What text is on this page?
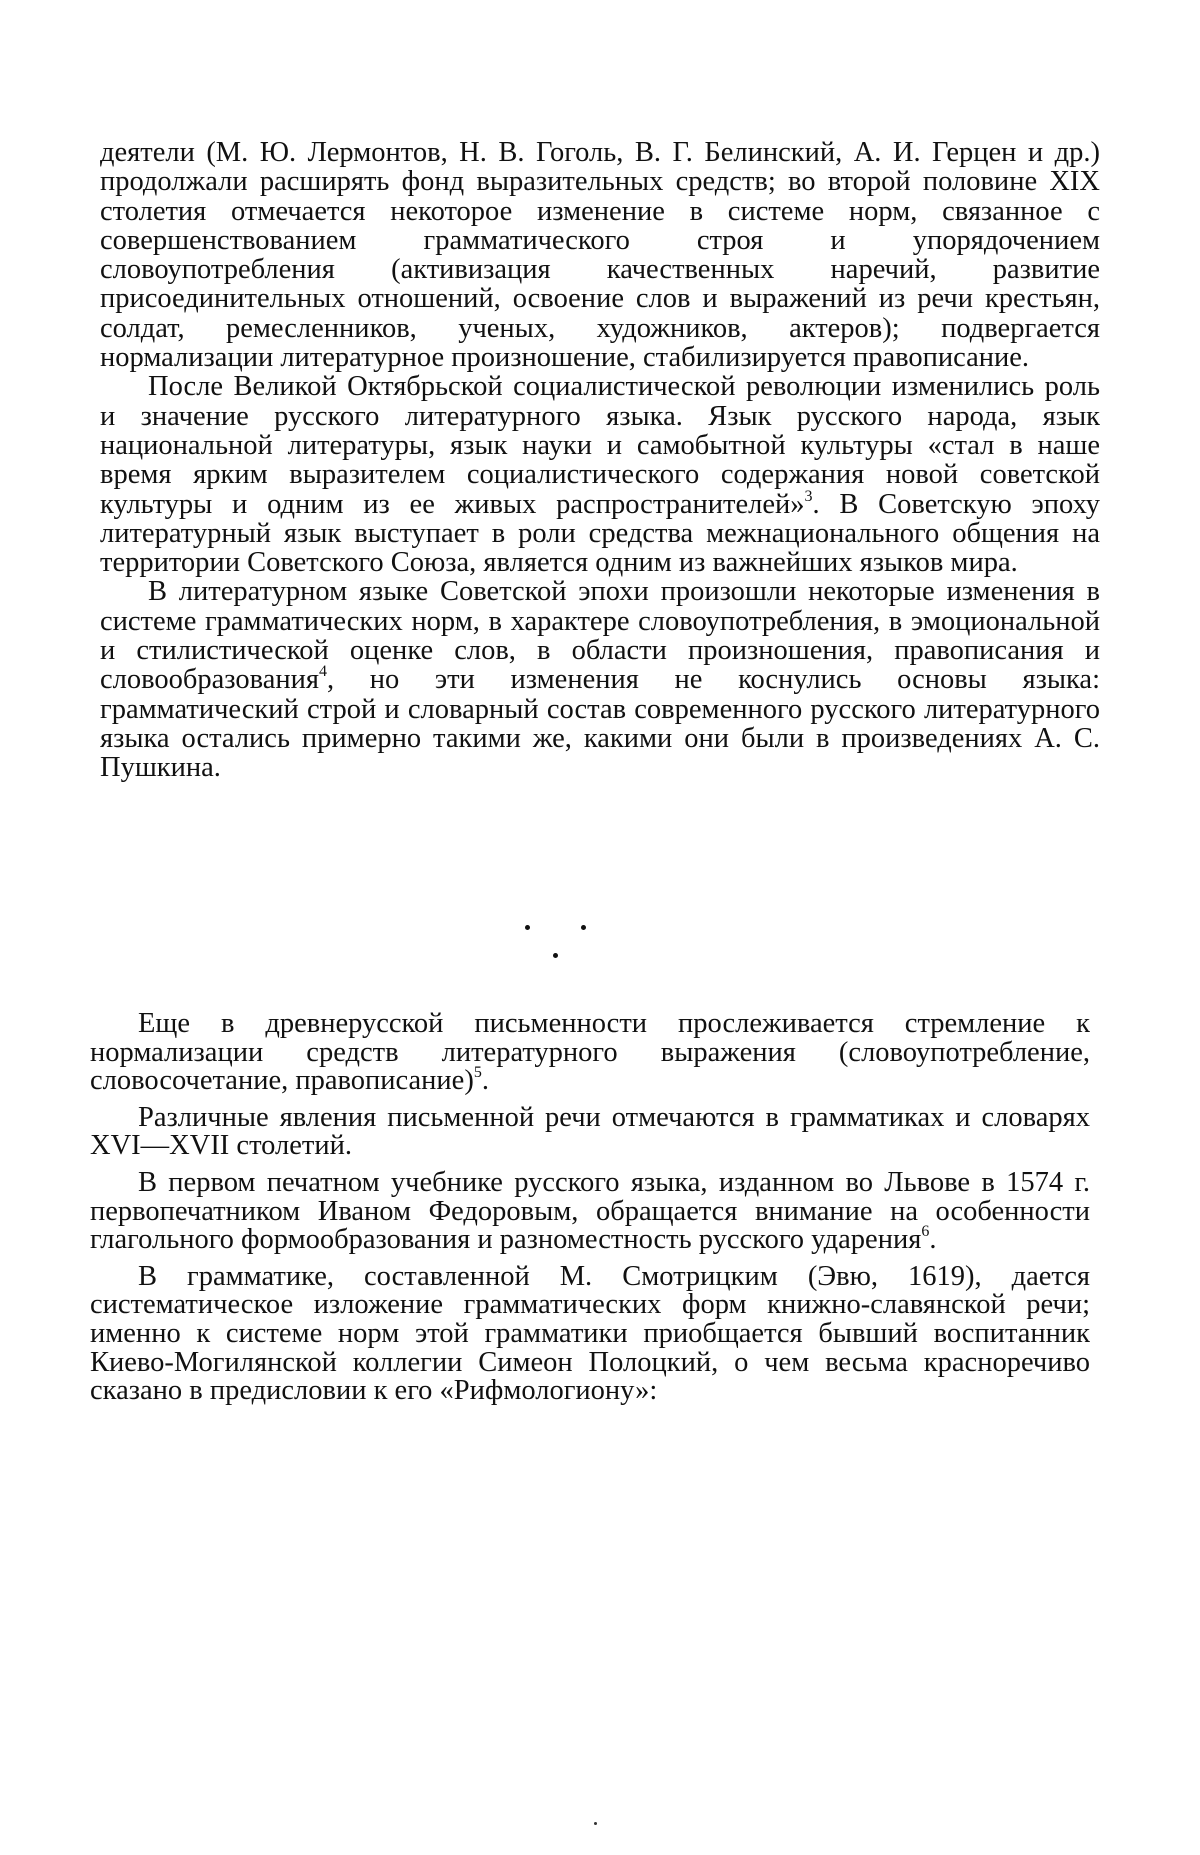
деятели (М. Ю. Лермонтов, Н. В. Гоголь, В. Г. Белинский, А. И. Герцен и др.) продолжали расширять фонд выразительных средств; во второй половине XIX столетия отмечается некоторое изменение в системе норм, связанное с совершенствованием грамматического строя и упорядочением словоупотребления (активизация качественных наречий, развитие присоединительных отношений, освоение слов и выражений из речи крестьян, солдат, ремесленников, ученых, художников, актеров); подвергается нормализации литературное произношение, стабилизируется правописание.

После Великой Октябрьской социалистической революции изменились роль и значение русского литературного языка. Язык русского народа, язык национальной литературы, язык науки и самобытной культуры «стал в наше время ярким выразителем социалистического содержания новой советской культуры и одним из ее живых распространителей»$^3$. В Советскую эпоху литературный язык выступает в роли средства межнационального общения на территории Советского Союза, является одним из важнейших языков мира.

В литературном языке Советской эпохи произошли некоторые изменения в системе грамматических норм, в характере словоупотребления, в эмоциональной и стилистической оценке слов, в области произношения, правописания и словообразования$^4$, но эти изменения не коснулись основы языка: грамматический строй и словарный состав современного русского литературного языка остались примерно такими же, какими они были в произведениях А. С. Пушкина.

Еще в древнерусской письменности прослеживается стремление к нормализации средств литературного выражения (словоупотребление, словосочетание, правописание)$^5$.

Различные явления письменной речи отмечаются в грамматиках и словарях XVI—XVII столетий.

В первом печатном учебнике русского языка, изданном во Львове в 1574 г. первопечатником Иваном Федоровым, обращается внимание на особенности глагольного формообразования и разноместность русского ударения$^6$.

В грамматике, составленной М. Смотрицким (Эвю, 1619), дается систематическое изложение грамматических форм книжно-славянской речи; именно к системе норм этой грамматики приобщается бывший воспитанник Киево-Могилянской коллегии Симеон Полоцкий, о чем весьма красноречиво сказано в предисловии к его «Рифмологиону»:
